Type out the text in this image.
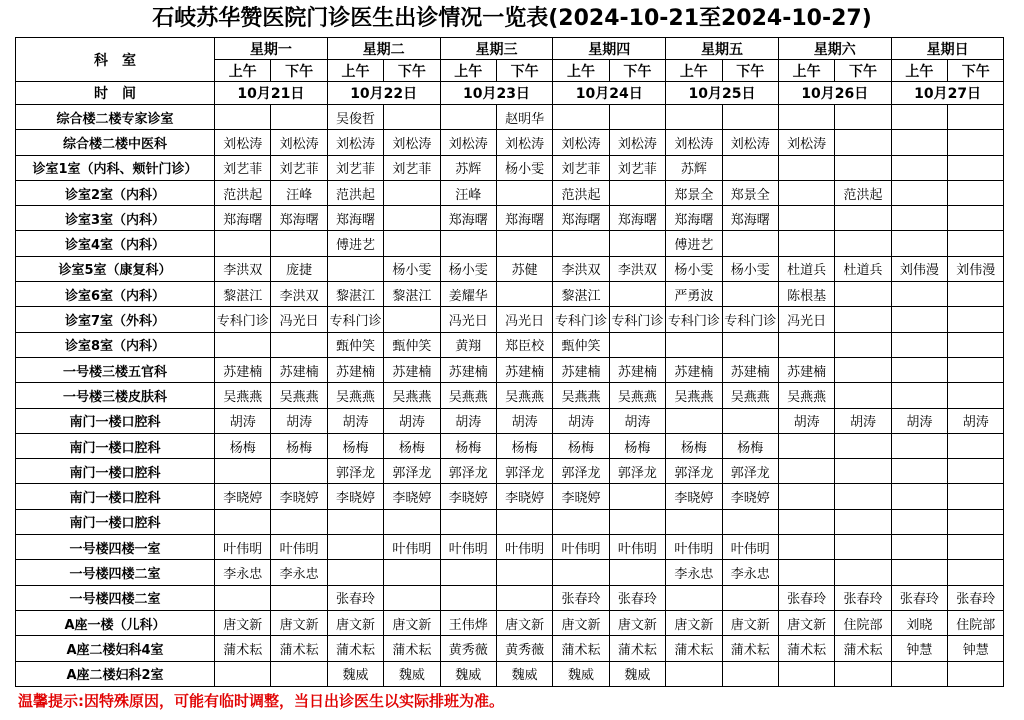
石岐苏华赞医院门诊医生出诊情况一览表(2024-10-21至2024-10-27)
科　室	星期一		星期二		星期三		星期四		星期五		星期六		星期日	
	上午	下午	上午	下午	上午	下午	上午	下午	上午	下午	上午	下午	上午	下午
时　间	10月21日		10月22日		10月23日		10月24日		10月25日		10月26日		10月27日	
综合楼二楼专家诊室			吴俊哲			赵明华								
综合楼二楼中医科	刘松涛	刘松涛	刘松涛	刘松涛	刘松涛	刘松涛	刘松涛	刘松涛	刘松涛	刘松涛	刘松涛			
诊室1室（内科、颊针门诊）	刘艺菲	刘艺菲	刘艺菲	刘艺菲	苏辉	杨小雯	刘艺菲	刘艺菲	苏辉					
诊室2室（内科）	范洪起	汪峰	范洪起		汪峰		范洪起		郑景全	郑景全		范洪起		
诊室3室（内科）	郑海曙	郑海曙	郑海曙		郑海曙	郑海曙	郑海曙	郑海曙	郑海曙	郑海曙				
诊室4室（内科）			傅进艺						傅进艺					
诊室5室（康复科）	李洪双	庞捷		杨小雯	杨小雯	苏健	李洪双	李洪双	杨小雯	杨小雯	杜道兵	杜道兵	刘伟漫	刘伟漫
诊室6室（内科）	黎湛江	李洪双	黎湛江	黎湛江	姜耀华		黎湛江		严勇波		陈根基			
诊室7室（外科）	专科门诊	冯光日	专科门诊		冯光日	冯光日	专科门诊	专科门诊	专科门诊	专科门诊	冯光日			
诊室8室（内科）			甄仲笑	甄仲笑	黄翔	郑臣校	甄仲笑							
一号楼三楼五官科	苏建楠	苏建楠	苏建楠	苏建楠	苏建楠	苏建楠	苏建楠	苏建楠	苏建楠	苏建楠	苏建楠			
一号楼三楼皮肤科	吴燕燕	吴燕燕	吴燕燕	吴燕燕	吴燕燕	吴燕燕	吴燕燕	吴燕燕	吴燕燕	吴燕燕	吴燕燕			
南门一楼口腔科	胡涛	胡涛	胡涛	胡涛	胡涛	胡涛	胡涛	胡涛			胡涛	胡涛	胡涛	胡涛
南门一楼口腔科	杨梅	杨梅	杨梅	杨梅	杨梅	杨梅	杨梅	杨梅	杨梅	杨梅				
南门一楼口腔科			郭泽龙	郭泽龙	郭泽龙	郭泽龙	郭泽龙	郭泽龙	郭泽龙	郭泽龙				
南门一楼口腔科	李晓婷	李晓婷	李晓婷	李晓婷	李晓婷	李晓婷	李晓婷		李晓婷	李晓婷				
南门一楼口腔科														
一号楼四楼一室	叶伟明	叶伟明		叶伟明	叶伟明	叶伟明	叶伟明	叶伟明	叶伟明	叶伟明				
一号楼四楼二室	李永忠	李永忠							李永忠	李永忠				
一号楼四楼二室			张春玲				张春玲	张春玲			张春玲	张春玲	张春玲	张春玲
A座一楼（儿科）	唐文新	唐文新	唐文新	唐文新	王伟烨	唐文新	唐文新	唐文新	唐文新	唐文新	唐文新	住院部	刘晓	住院部
A座二楼妇科4室	蒲术耘	蒲术耘	蒲术耘	蒲术耘	黄秀薇	黄秀薇	蒲术耘	蒲术耘	蒲术耘	蒲术耘	蒲术耘	蒲术耘	钟慧	钟慧
A座二楼妇科2室			魏威	魏威	魏威	魏威	魏威	魏威						
温馨提示:因特殊原因，可能有临时调整，当日出诊医生以实际排班为准。
